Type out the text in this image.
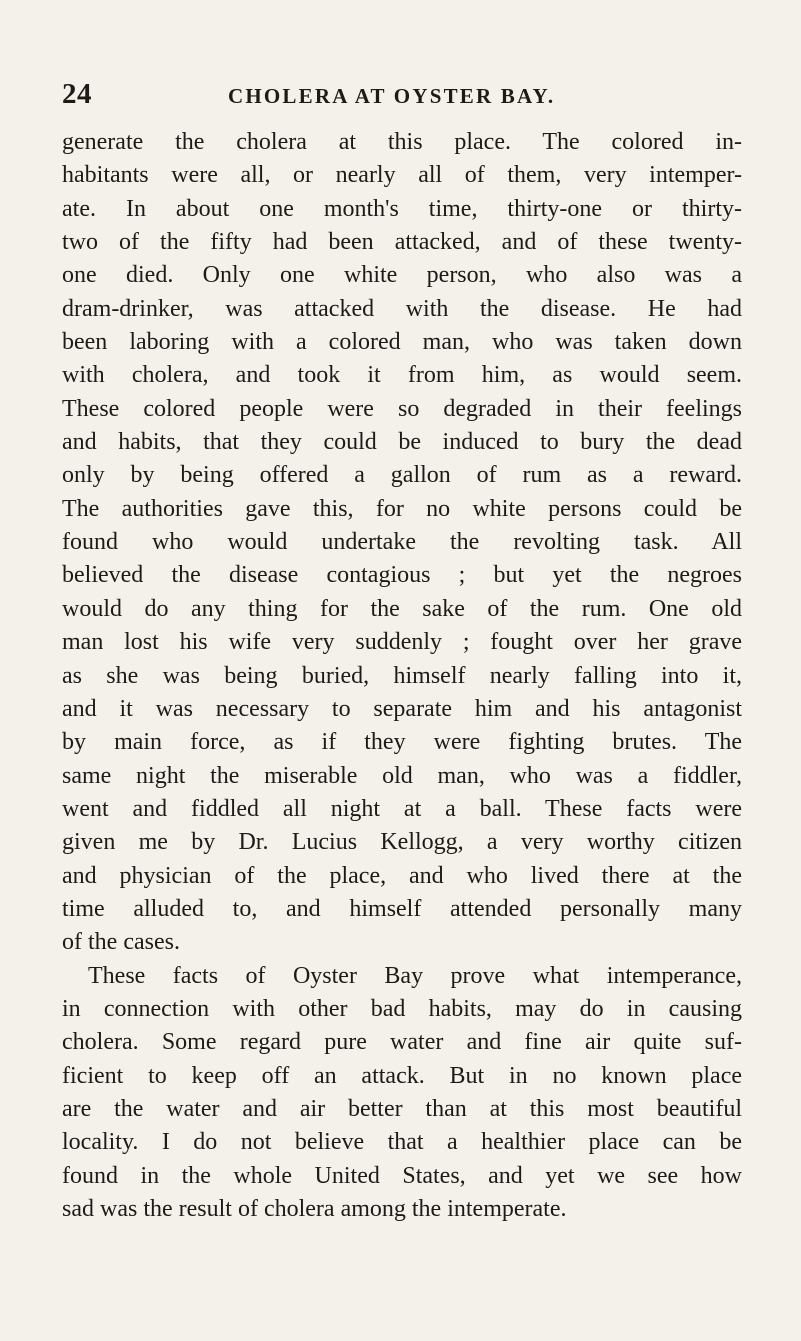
24	CHOLERA AT OYSTER BAY.
generate the cholera at this place. The colored in-
habitants were all, or nearly all of them, very intemper-
ate. In about one month's time, thirty-one or thirty-
two of the fifty had been attacked, and of these twenty-
one died. Only one white person, who also was a
dram-drinker, was attacked with the disease. He had
been laboring with a colored man, who was taken down
with cholera, and took it from him, as would seem.
These colored people were so degraded in their feelings
and habits, that they could be induced to bury the dead
only by being offered a gallon of rum as a reward.
The authorities gave this, for no white persons could be
found who would undertake the revolting task. All
believed the disease contagious ; but yet the negroes
would do any thing for the sake of the rum. One old
man lost his wife very suddenly ; fought over her grave
as she was being buried, himself nearly falling into it,
and it was necessary to separate him and his antagonist
by main force, as if they were fighting brutes. The
same night the miserable old man, who was a fiddler,
went and fiddled all night at a ball. These facts were
given me by Dr. Lucius Kellogg, a very worthy citizen
and physician of the place, and who lived there at the
time alluded to, and himself attended personally many
of the cases.
These facts of Oyster Bay prove what intemperance,
in connection with other bad habits, may do in causing
cholera. Some regard pure water and fine air quite suf-
ficient to keep off an attack. But in no known place
are the water and air better than at this most beautiful
locality. I do not believe that a healthier place can be
found in the whole United States, and yet we see how
sad was the result of cholera among the intemperate.
